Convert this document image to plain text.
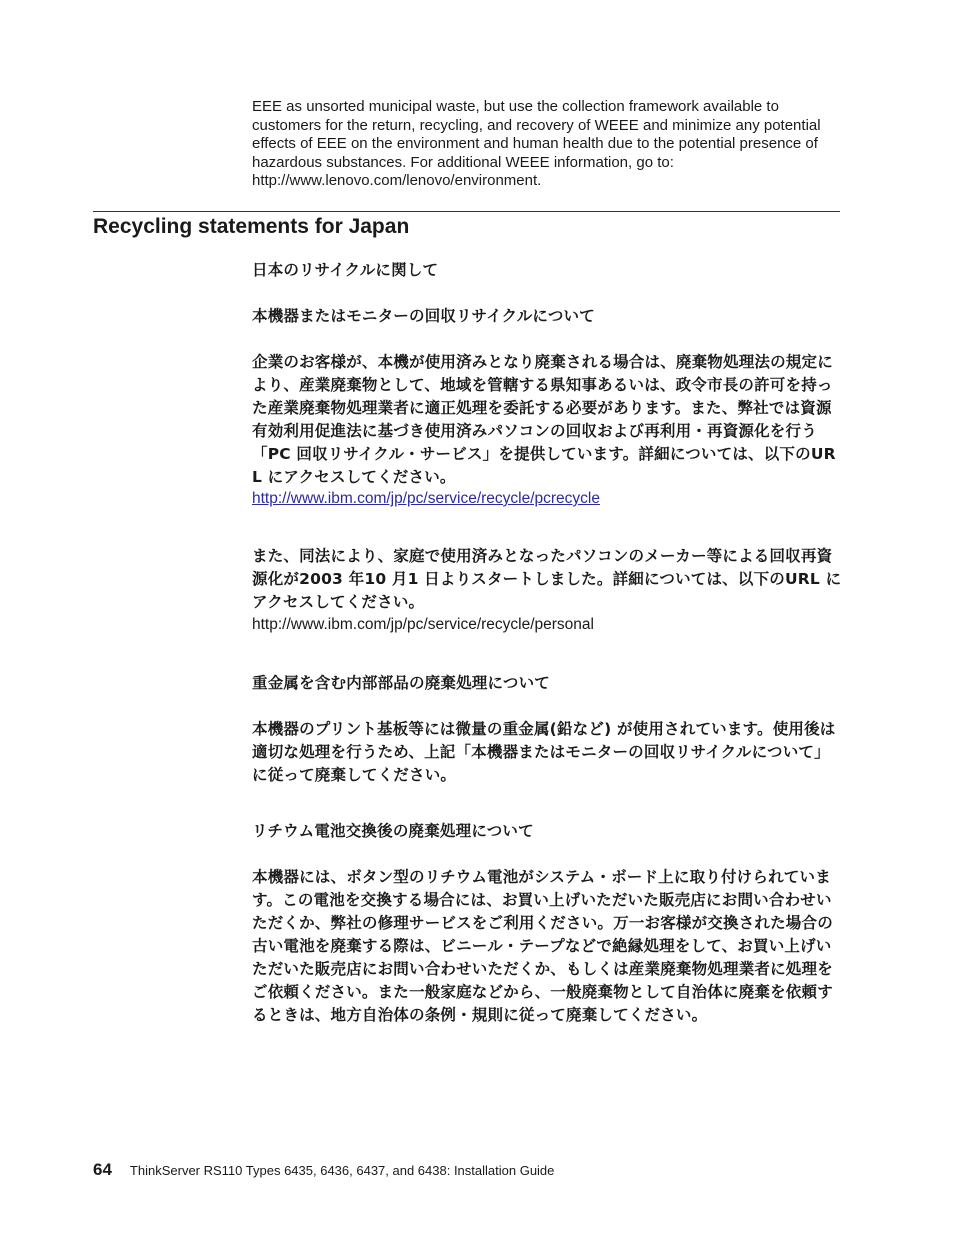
EEE as unsorted municipal waste, but use the collection framework available to customers for the return, recycling, and recovery of WEEE and minimize any potential effects of EEE on the environment and human health due to the potential presence of hazardous substances. For additional WEEE information, go to: http://www.lenovo.com/lenovo/environment.

Recycling statements for Japan

日本のリサイクルに関して

本機器またはモニターの回収リサイクルについて

企業のお客様が、本機が使用済みとなり廃棄される場合は、廃棄物処理法の規定により、産業廃棄物として、地域を管轄する県知事あるいは、政令市長の許可を持った産業廃棄物処理業者に適正処理を委託する必要があります。また、弊社では資源有効利用促進法に基づき使用済みパソコンの回収および再利用・再資源化を行う「PC 回収リサイクル・サービス」を提供しています。詳細については、以下のURL にアクセスしてください。

http://www.ibm.com/jp/pc/service/recycle/pcrecycle

また、同法により、家庭で使用済みとなったパソコンのメーカー等による回収再資源化が2003 年10 月1 日よりスタートしました。詳細については、以下のURL にアクセスしてください。

http://www.ibm.com/jp/pc/service/recycle/personal

重金属を含む内部部品の廃棄処理について

本機器のプリント基板等には微量の重金属(鉛など) が使用されています。使用後は適切な処理を行うため、上記「本機器またはモニターの回収リサイクルについて」に従って廃棄してください。

リチウム電池交換後の廃棄処理について

本機器には、ボタン型のリチウム電池がシステム・ボード上に取り付けられています。この電池を交換する場合には、お買い上げいただいた販売店にお問い合わせいただくか、弊社の修理サービスをご利用ください。万一お客様が交換された場合の古い電池を廃棄する際は、ビニール・テープなどで絶縁処理をして、お買い上げいただいた販売店にお問い合わせいただくか、もしくは産業廃棄物処理業者に処理をご依頼ください。また一般家庭などから、一般廃棄物として自治体に廃棄を依頼するときは、地方自治体の条例・規則に従って廃棄してください。

64 ThinkServer RS110 Types 6435, 6436, 6437, and 6438: Installation Guide
